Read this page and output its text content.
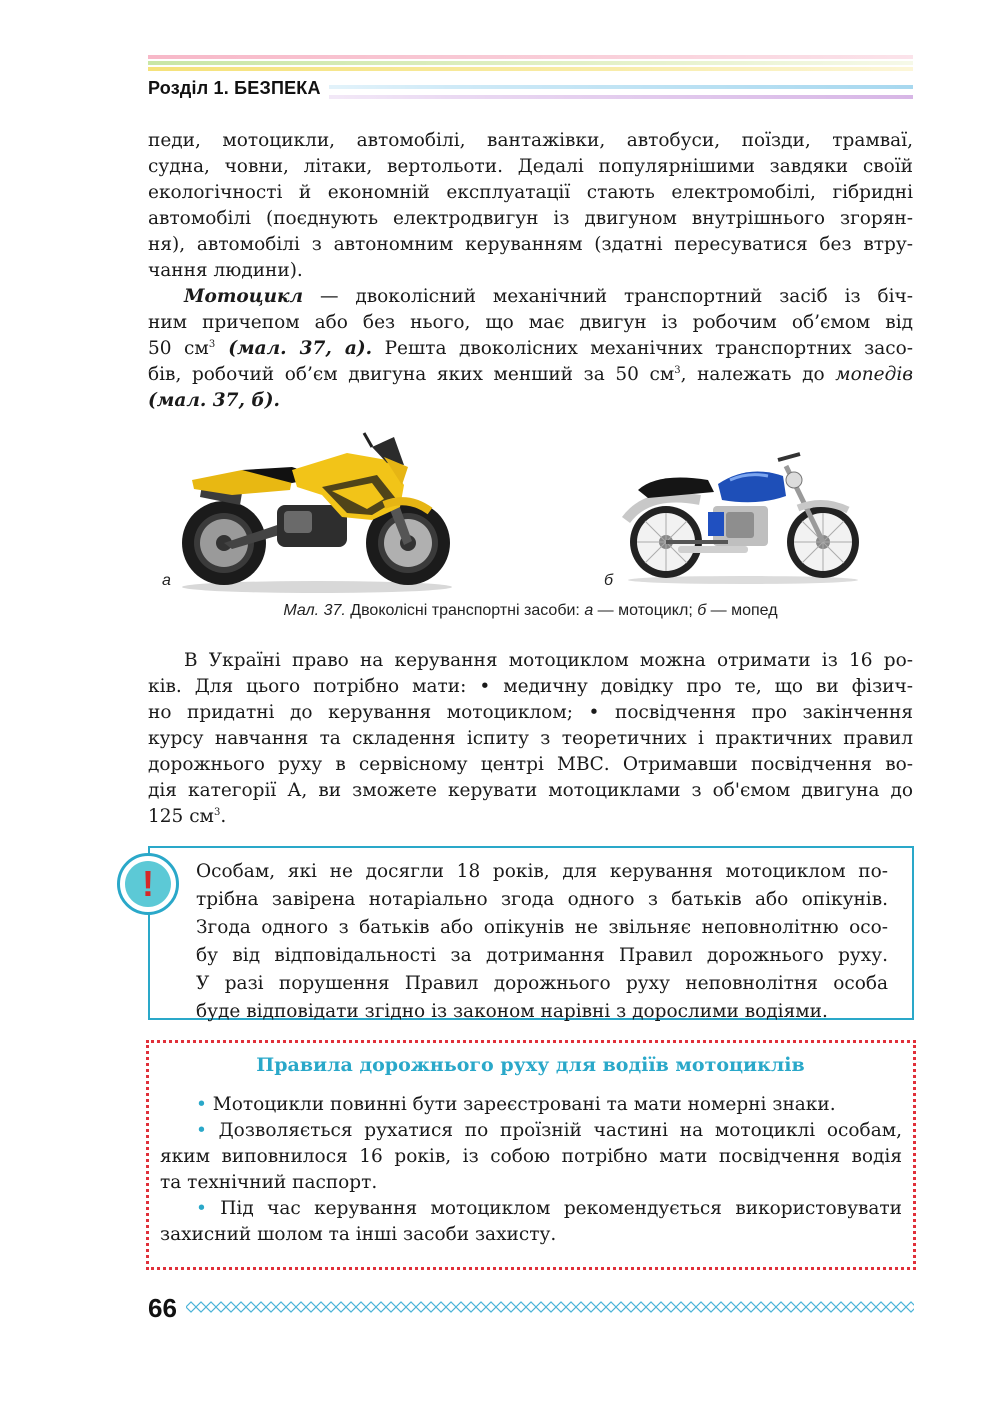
Розділ 1. БЕЗПЕКА
педи, мотоцикли, автомобілі, вантажівки, автобуси, поїзди, трамваї,
судна, човни, літаки, вертольоти. Дедалі популярнішими завдяки своїй
екологічності й економній експлуатації стають електромобілі, гібридні
автомобілі (поєднують електродвигун із двигуном внутрішнього згорян-
ня), автомобілі з автономним керуванням (здатні пересуватися без втру-
чання людини).
Мотоцикл — двоколісний механічний транспортний засіб із біч-
ним причепом або без нього, що має двигун із робочим об’ємом від
50 $см^3$ (мал. 37, а). Решта двоколісних механічних транспортних засо-
бів, робочий об’єм двигуна яких менший за 50 $см^3$, належать до мопедів
(мал. 37, б).
а	б
Мал. 37. Двоколісні транспортні засоби: а — мотоцикл; б — мопед
В Україні право на керування мотоциклом можна отримати із 16 ро-
ків. Для цього потрібно мати: • медичну довідку про те, що ви фізич-
но придатні до керування мотоциклом; • посвідчення про закінчення
курсу навчання та складення іспиту з теоретичних і практичних правил
дорожнього руху в сервісному центрі МВС. Отримавши посвідчення во-
дія категорії А, ви зможете керувати мотоциклами з об'ємом двигуна до
125 $см^3$.
! Особам, які не досягли 18 років, для керування мотоциклом по-
трібна завірена нотаріально згода одного з батьків або опікунів.
Згода одного з батьків або опікунів не звільняє неповнолітню осо-
бу від відповідальності за дотримання Правил дорожнього руху.
У разі порушення Правил дорожнього руху неповнолітня особа
буде відповідати згідно із законом нарівні з дорослими водіями.
Правила дорожнього руху для водіїв мотоциклів
• Мотоцикли повинні бути зареєстровані та мати номерні знаки.
• Дозволяється рухатися по проїзній частині на мотоциклі особам,
яким виповнилося 16 років, із собою потрібно мати посвідчення водія
та технічний паспорт.
• Під час керування мотоциклом рекомендується використовувати
захисний шолом та інші засоби захисту.
66
